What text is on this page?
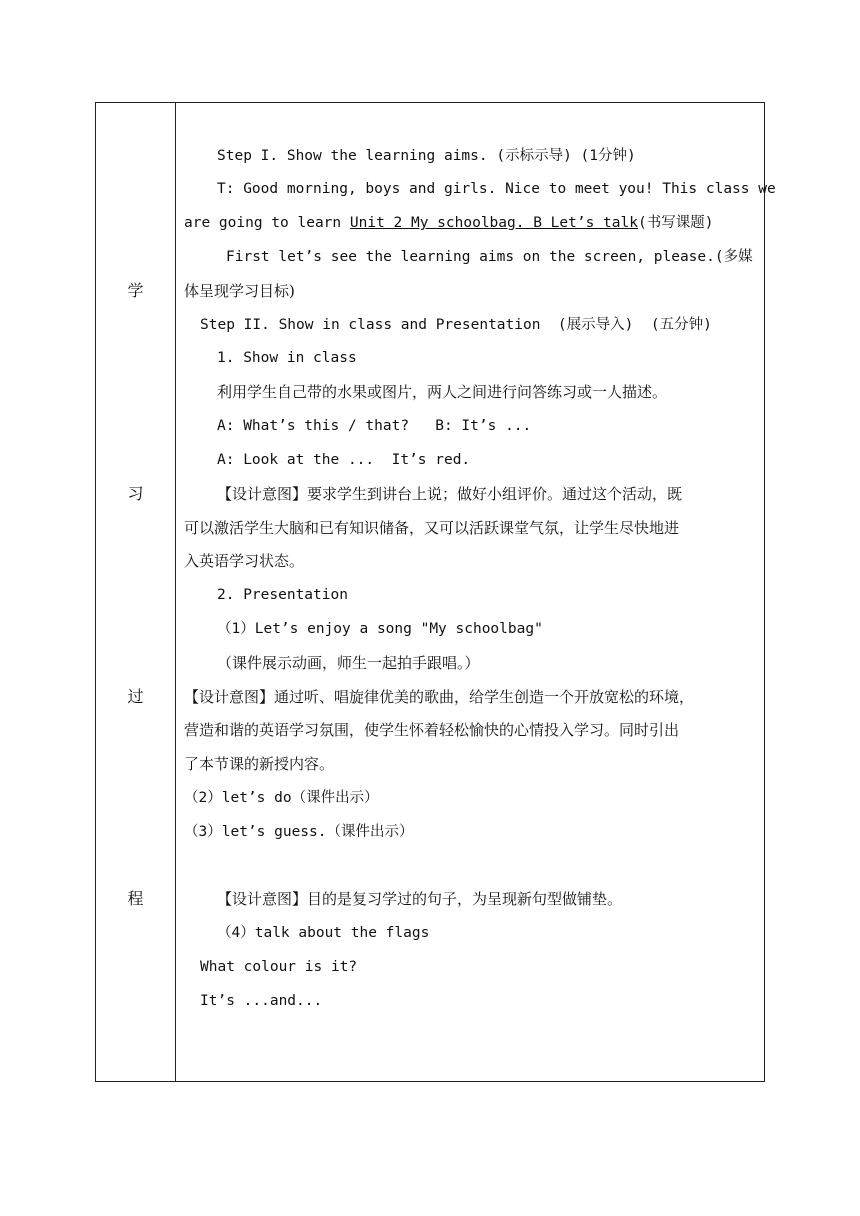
学
习
过
程
Step I. Show the learning aims. (示标示导) (1分钟)
T: Good morning, boys and girls. Nice to meet you! This class we
are going to learn Unit 2 My schoolbag. B Let’s talk(书写课题)
First let’s see the learning aims on the screen, please.(多媒
体呈现学习目标)
Step II. Show in class and Presentation  (展示导入)  (五分钟)
1. Show in class
利用学生自己带的水果或图片，两人之间进行问答练习或一人描述。
A: What’s this / that?   B: It’s ...
A: Look at the ...  It’s red.
【设计意图】要求学生到讲台上说；做好小组评价。通过这个活动，既
可以激活学生大脑和已有知识储备，又可以活跃课堂气氛，让学生尽快地进
入英语学习状态。
2. Presentation
（1）Let’s enjoy a song "My schoolbag"
（课件展示动画，师生一起拍手跟唱。）
【设计意图】通过听、唱旋律优美的歌曲，给学生创造一个开放宽松的环境，
营造和谐的英语学习氛围，使学生怀着轻松愉快的心情投入学习。同时引出
了本节课的新授内容。
（2）let’s do（课件出示）
（3）let’s guess.（课件出示）
【设计意图】目的是复习学过的句子，为呈现新句型做铺垫。
（4）talk about the flags
What colour is it?
It’s ...and...
